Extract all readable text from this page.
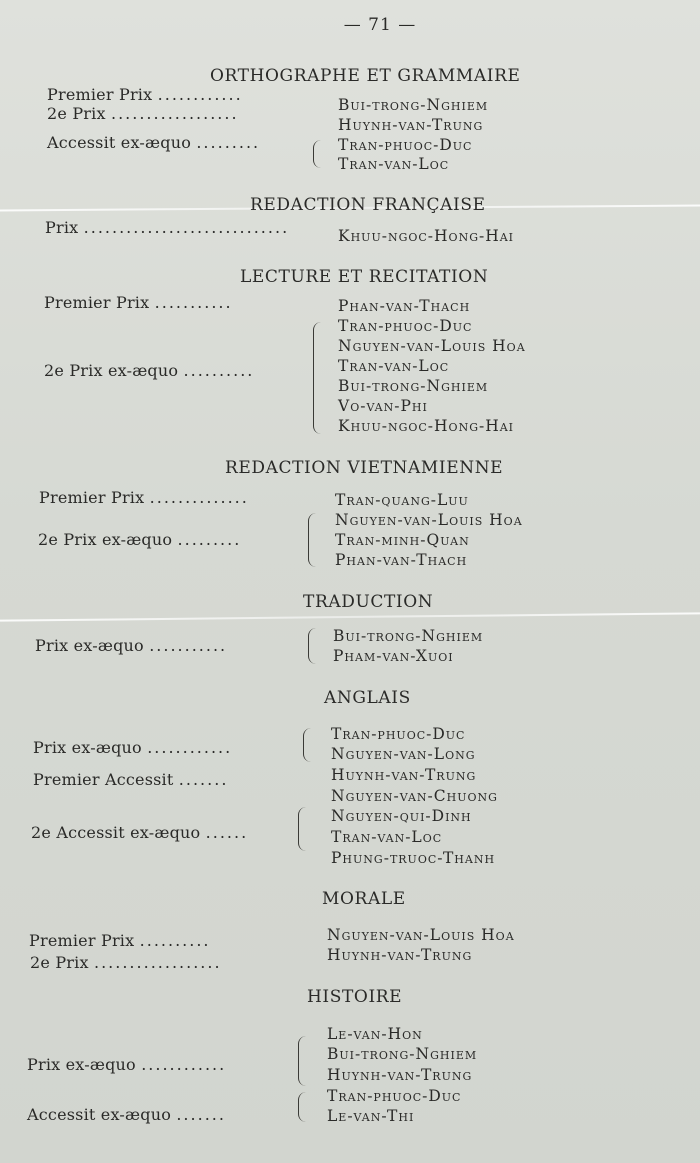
— 71 —
ORTHOGRAPHE ET GRAMMAIRE
Premier Prix ............
2e Prix ..................
Accessit ex-æquo .........
Bui-trong-Nghiem
Huynh-van-Trung
Tran-phuoc-Duc
Tran-van-Loc
REDACTION FRANÇAISE
Prix .............................	Khuu-ngoc-Hong-Hai
LECTURE ET RECITATION
Premier Prix ...........
2e Prix ex-æquo ..........
Phan-van-Thach
Tran-phuoc-Duc
Nguyen-van-Louis Hoa
Tran-van-Loc
Bui-trong-Nghiem
Vo-van-Phi
Khuu-ngoc-Hong-Hai
REDACTION VIETNAMIENNE
Premier Prix ..............
2e Prix ex-æquo .........
Tran-quang-Luu
Nguyen-van-Louis Hoa
Tran-minh-Quan
Phan-van-Thach
TRADUCTION
Prix ex-æquo ...........	Bui-trong-Nghiem
Pham-van-Xuoi
ANGLAIS
Prix ex-æquo ............
Premier Accessit .......
2e Accessit ex-æquo ......
Tran-phuoc-Duc
Nguyen-van-Long
Huynh-van-Trung
Nguyen-van-Chuong
Nguyen-qui-Dinh
Tran-van-Loc
Phung-truoc-Thanh
MORALE
Premier Prix ..........
2e Prix ..................
Nguyen-van-Louis Hoa
Huynh-van-Trung
HISTOIRE
Prix ex-æquo ............
Accessit ex-æquo .......
Le-van-Hon
Bui-trong-Nghiem
Huynh-van-Trung
Tran-phuoc-Duc
Le-van-Thi
